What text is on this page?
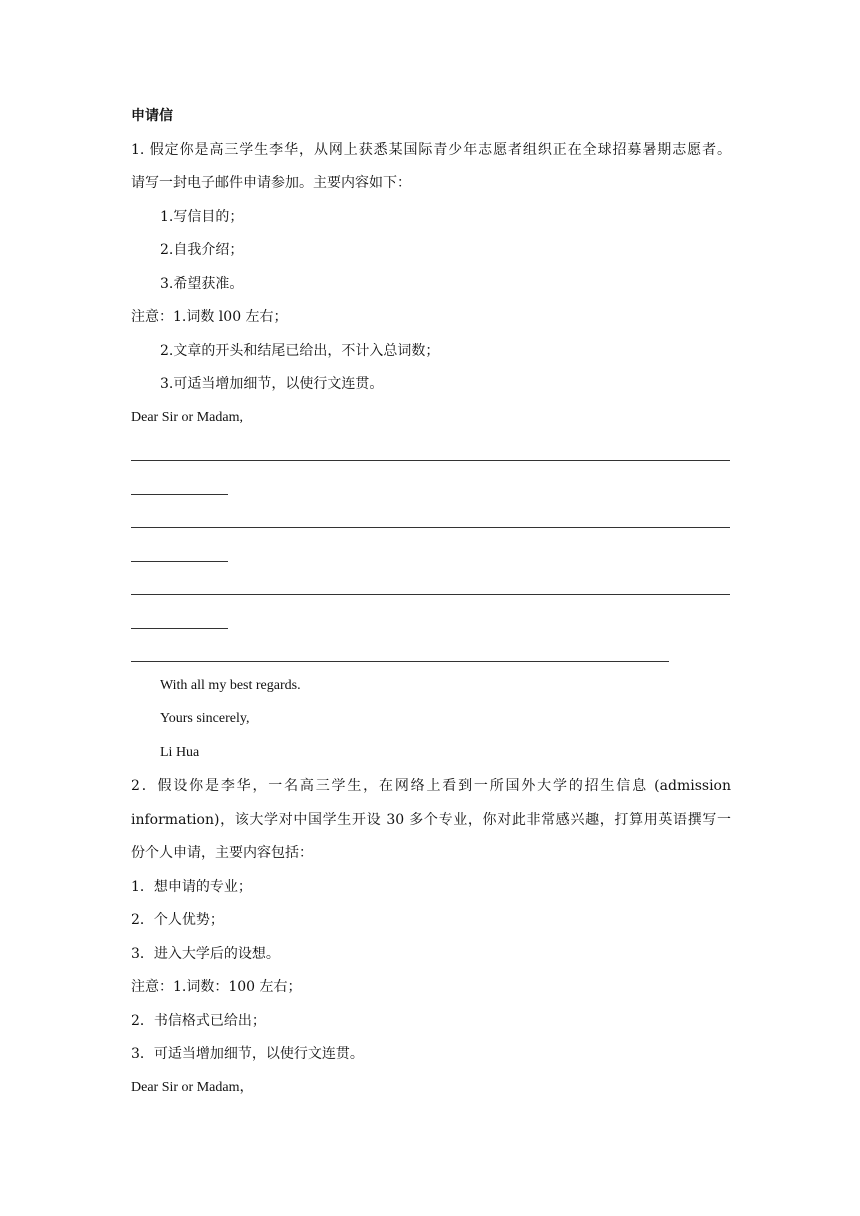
申请信
1. 假定你是高三学生李华，从网上获悉某国际青少年志愿者组织正在全球招募暑期志愿者。
请写一封电子邮件申请参加。主要内容如下：
1.写信目的；
2.自我介绍；
3.希望获准。
注意：1.词数 l00 左右；
2.文章的开头和结尾已给出，不计入总词数；
3.可适当增加细节，以使行文连贯。
Dear Sir or Madam,
With all my best regards.
Yours sincerely,
Li Hua
2．假设你是李华，一名高三学生，在网络上看到一所国外大学的招生信息 (admission
information)，该大学对中国学生开设 30 多个专业，你对此非常感兴趣，打算用英语撰写一
份个人申请，主要内容包括：
1．想申请的专业；
2．个人优势；
3．进入大学后的设想。
注意：1.词数：100 左右；
2．书信格式已给出；
3．可适当增加细节，以使行文连贯。
Dear Sir or Madam，
